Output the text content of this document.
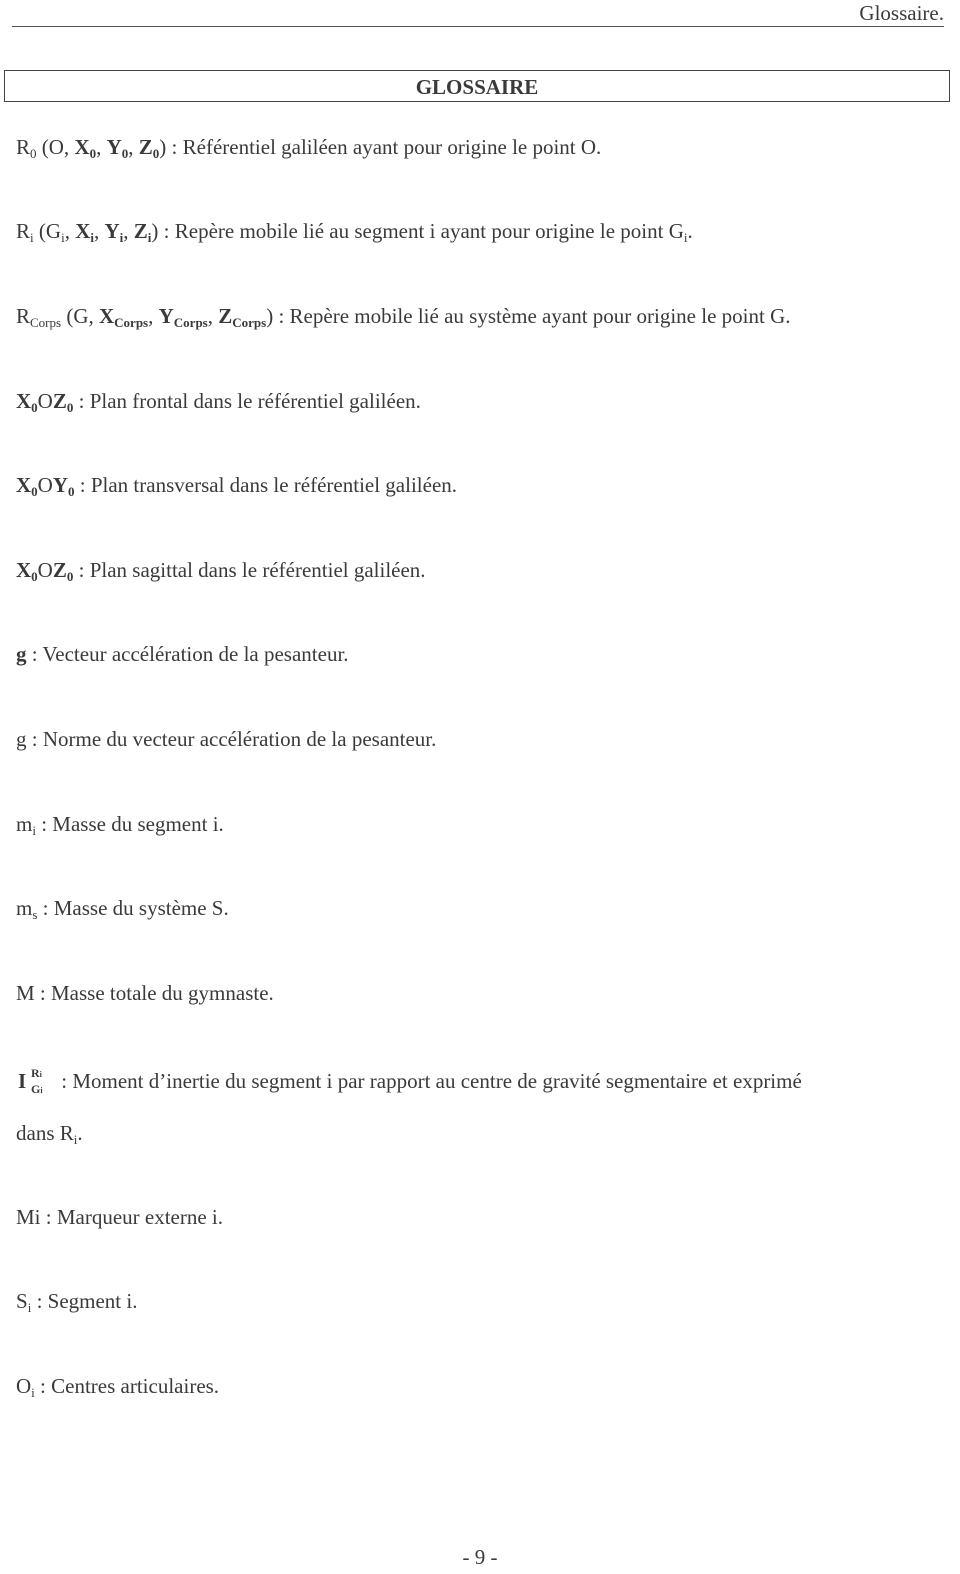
Glossaire.
GLOSSAIRE
$R_0$ (O, $X_0$, $Y_0$, $Z_0$) : Référentiel galiléen ayant pour origine le point O.
$R_i$ ($G_i$, $X_i$, $Y_i$, $Z_i$) : Repère mobile lié au segment i ayant pour origine le point $G_i$.
$R_{Corps}$ (G, $X_{Corps}$, $Y_{Corps}$, $Z_{Corps}$) : Repère mobile lié au système ayant pour origine le point G.
$X_0OZ_0$ : Plan frontal dans le référentiel galiléen.
$X_0OY_0$ : Plan transversal dans le référentiel galiléen.
$X_0OZ_0$ : Plan sagittal dans le référentiel galiléen.
g : Vecteur accélération de la pesanteur.
g : Norme du vecteur accélération de la pesanteur.
$m_i$ : Masse du segment i.
$m_s$ : Masse du système S.
M : Masse totale du gymnaste.
I Ri
Gi : Moment d’inertie du segment i par rapport au centre de gravité segmentaire et exprimé
dans $R_i$.
Mi : Marqueur externe i.
$S_i$ : Segment i.
$O_i$ : Centres articulaires.
- 9 -
